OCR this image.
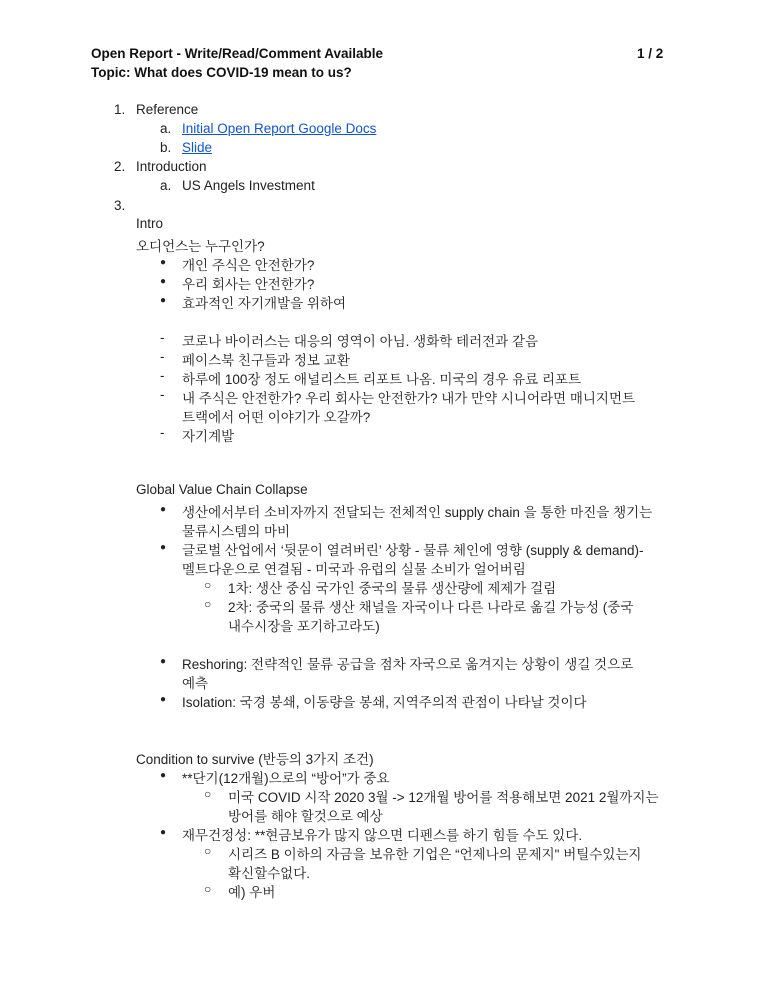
Open Report - Write/Read/Comment Available	1 / 2
Topic: What does COVID-19 mean to us?
1. Reference
a. Initial Open Report Google Docs
b. Slide
2. Introduction
a. US Angels Investment
3.
Intro
오디언스는 누구인가?
●
개인 주식은 안전한가?
●
우리 회사는 안전한가?
●
효과적인 자기개발을 위하여
-
코로나 바이러스는 대응의 영역이 아님. 생화학 테러전과 같음
-
페이스북 친구들과 정보 교환
-
하루에 100장 정도 애널리스트 리포트 나옴. 미국의 경우 유료 리포트
-
내 주식은 안전한가? 우리 회사는 안전한가? 내가 만약 시니어라면 매니지먼트
트랙에서 어떤 이야기가 오갈까?
-
자기계발
Global Value Chain Collapse
●
생산에서부터 소비자까지 전달되는 전체적인 supply chain 을 통한 마진을 챙기는
물류시스템의 마비
●
글로벌 산업에서 ‘뒷문이 열려버린’ 상황 - 물류 체인에 영향 (supply & demand)-
멜트다운으로 연결됨 - 미국과 유럽의 실물 소비가 얼어버림
○
1차: 생산 중심 국가인 중국의 물류 생산량에 제제가 걸림
○
2차: 중국의 물류 생산 채널을 자국이나 다른 나라로 옮길 가능성 (중국
내수시장을 포기하고라도)
●
Reshoring: 전략적인 물류 공급을 점차 자국으로 옮겨지는 상황이 생길 것으로
예측
●
Isolation: 국경 봉쇄, 이동량을 봉쇄, 지역주의적 관점이 나타날 것이다
Condition to survive (반등의 3가지 조건)
●
**단기(12개월)으로의 “방어”가 중요
○
미국 COVID 시작 2020 3월 -> 12개월 방어를 적용해보면 2021 2월까지는
방어를 해야 할것으로 예상
●
재무건정성: **현금보유가 많지 않으면 디펜스를 하기 힘들 수도 있다.
○
시리즈 B 이하의 자금을 보유한 기업은 “언제나의 문제지" 버틸수있는지
확신할수없다.
○
예) 우버
